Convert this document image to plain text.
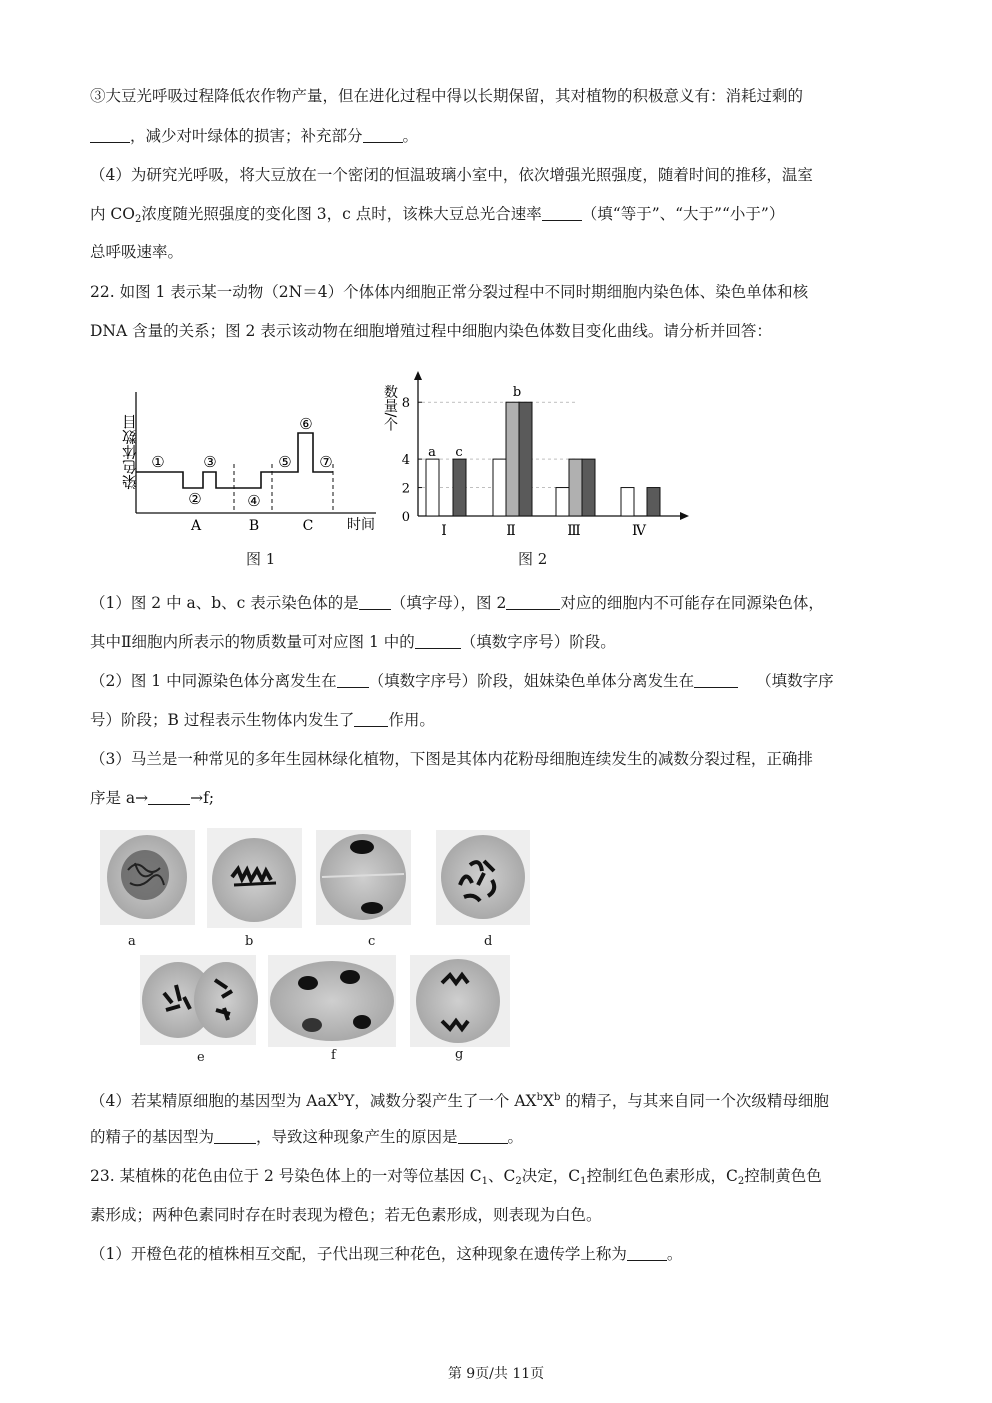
③大豆光呼吸过程降低农作物产量，但在进化过程中得以长期保留，其对植物的积极意义有：消耗过剩的
，减少对叶绿体的损害；补充部分	。
（4）为研究光呼吸，将大豆放在一个密闭的恒温玻璃小室中，依次增强光照强度，随着时间的推移，温室
内 $CO_2$浓度随光照强度的变化图 3，c 点时，该株大豆总光合速率	（填“等于”、“大于”“小于”）
总呼吸速率。
22. 如图 1 表示某一动物（2N＝4）个体体内细胞正常分裂过程中不同时期细胞内染色体、染色单体和核
DNA 含量的关系；图 2 表示该动物在细胞增殖过程中细胞内染色体数目变化曲线。请分析并回答：
染色体数目 ①
②
③
④
⑤
⑥
⑦
A	B	C 时间
图 1
数量/个
0
2
4
8
Ⅰ	Ⅱ	Ⅲ	Ⅳ
a
b
c
图 2
（1）图 2 中 a、b、c 表示染色体的是 （填字母），图 2	对应的细胞内不可能存在同源染色体，
其中Ⅱ细胞内所表示的物质数量可对应图 1 中的	（填数字序号）阶段。
（2）图 1 中同源染色体分离发生在 （填数字序号）阶段，姐妹染色单体分离发生在	（填数字序
号）阶段；B 过程表示生物体内发生了 作用。
（3）马兰是一种常见的多年生园林绿化植物，下图是其体内花粉母细胞连续发生的减数分裂过程，正确排
序是 a→	→f;
a	b	c	d
e	f	g
（4）若某精原细胞的基因型为 AaX$^b$Y，减数分裂产生了一个 $AX^bX^b$ 的精子，与其来自同一个次级精母细胞
的精子的基因型为	，导致这种现象产生的原因是	。
23. 某植株的花色由位于 2 号染色体上的一对等位基因 $C_1$、$C_2$决定，$C_1$控制红色色素形成，$C_2$控制黄色色
素形成；两种色素同时存在时表现为橙色；若无色素形成，则表现为白色。
（1）开橙色花的植株相互交配，子代出现三种花色，这种现象在遗传学上称为	。
第 9页/共 11页
